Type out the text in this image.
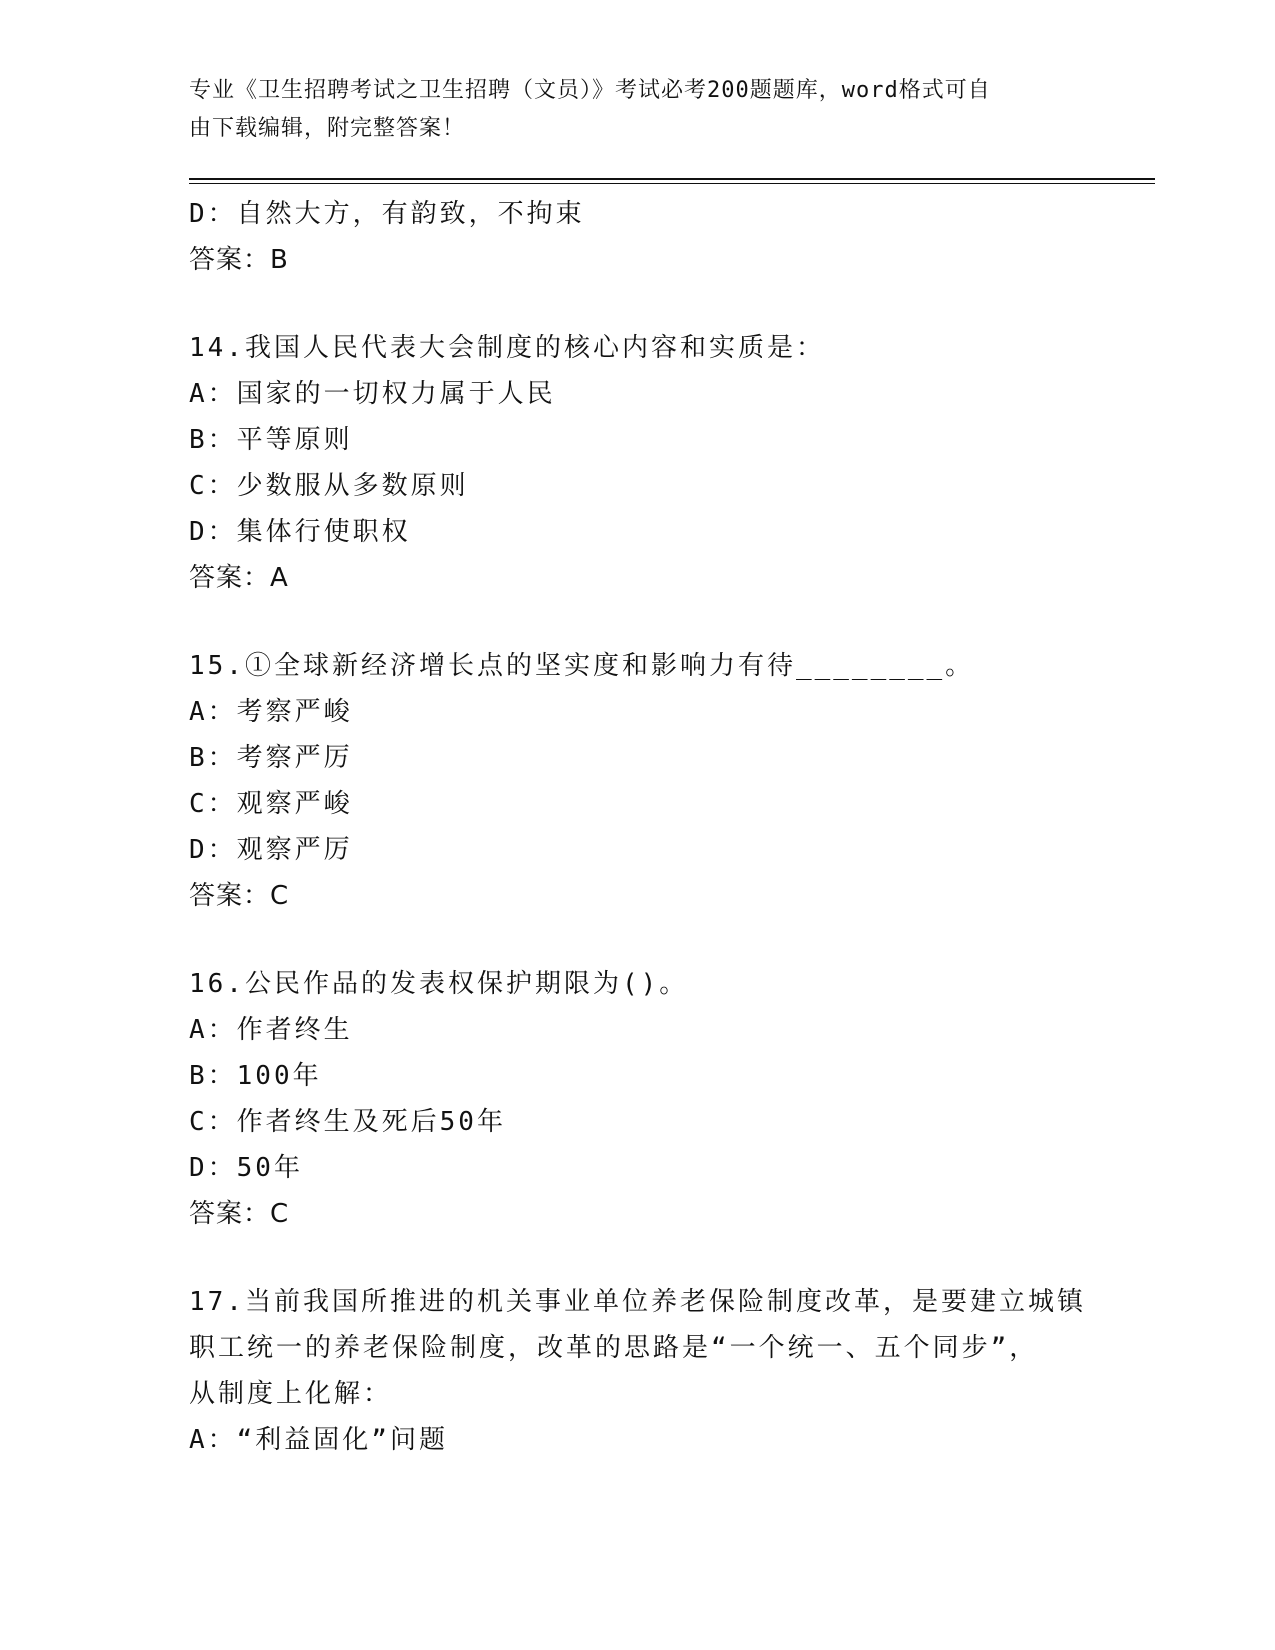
专业《卫生招聘考试之卫生招聘（文员）》考试必考200题题库，word格式可自
由下载编辑，附完整答案！
D：自然大方，有韵致，不拘束
答案：B
14.我国人民代表大会制度的核心内容和实质是：
A：国家的一切权力属于人民
B：平等原则
C：少数服从多数原则
D：集体行使职权
答案：A
15.①全球新经济增长点的坚实度和影响力有待________。
A：考察严峻
B：考察严厉
C：观察严峻
D：观察严厉
答案：C
16.公民作品的发表权保护期限为()。
A：作者终生
B：100年
C：作者终生及死后50年
D：50年
答案：C
17.当前我国所推进的机关事业单位养老保险制度改革，是要建立城镇
职工统一的养老保险制度，改革的思路是“一个统一、五个同步”，
从制度上化解：
A：“利益固化”问题
